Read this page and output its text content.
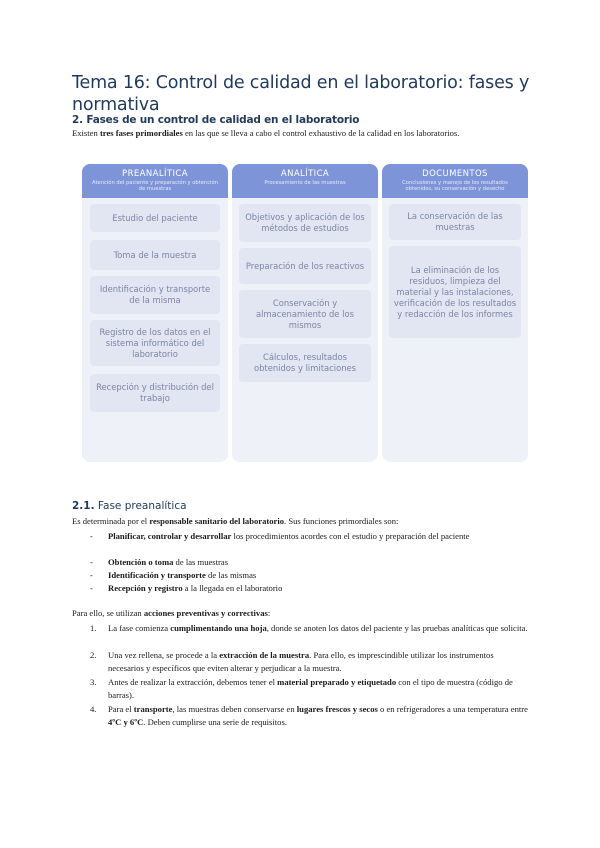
Tema 16: Control de calidad en el laboratorio: fases y normativa
2. Fases de un control de calidad en el laboratorio

Existen tres fases primordiales en las que se lleva a cabo el control exhaustivo de la calidad en los laboratorios.

PREANALÍTICA
Atención del paciente y preparación y obtención de muestras
Estudio del paciente
Toma de la muestra
Identificación y transporte de la misma
Registro de los datos en el sistema informático del laboratorio
Recepción y distribución del trabajo
ANALÍTICA
Procesamiento de las muestras
Objetivos y aplicación de los métodos de estudios
Preparación de los reactivos
Conservación y almacenamiento de los mismos
Cálculos, resultados obtenidos y limitaciones
DOCUMENTOS
Conclusiones y manejo de los resultados obtenidos, su conservación y desecho
La conservación de las muestras
La eliminación de los residuos, limpieza del material y las instalaciones, verificación de los resultados y redacción de los informes
2.1. Fase preanalítica

Es determinada por el responsable sanitario del laboratorio. Sus funciones primordiales son:

- Planificar, controlar y desarrollar los procedimientos acordes con el estudio y preparación del paciente
- Obtención o toma de las muestras
- Identificación y transporte de las mismas
- Recepción y registro a la llegada en el laboratorio

Para ello, se utilizan acciones preventivas y correctivas:

1. La fase comienza cumplimentando una hoja, donde se anoten los datos del paciente y las pruebas analíticas que solicita.
2. Una vez rellena, se procede a la extracción de la muestra. Para ello, es imprescindible utilizar los instrumentos necesarios y específicos que eviten alterar y perjudicar a la muestra.
3. Antes de realizar la extracción, debemos tener el material preparado y etiquetado con el tipo de muestra (código de barras).
4. Para el transporte, las muestras deben conservarse en lugares frescos y secos o en refrigeradores a una temperatura entre 4ºC y 6ºC. Deben cumplirse una serie de requisitos.
